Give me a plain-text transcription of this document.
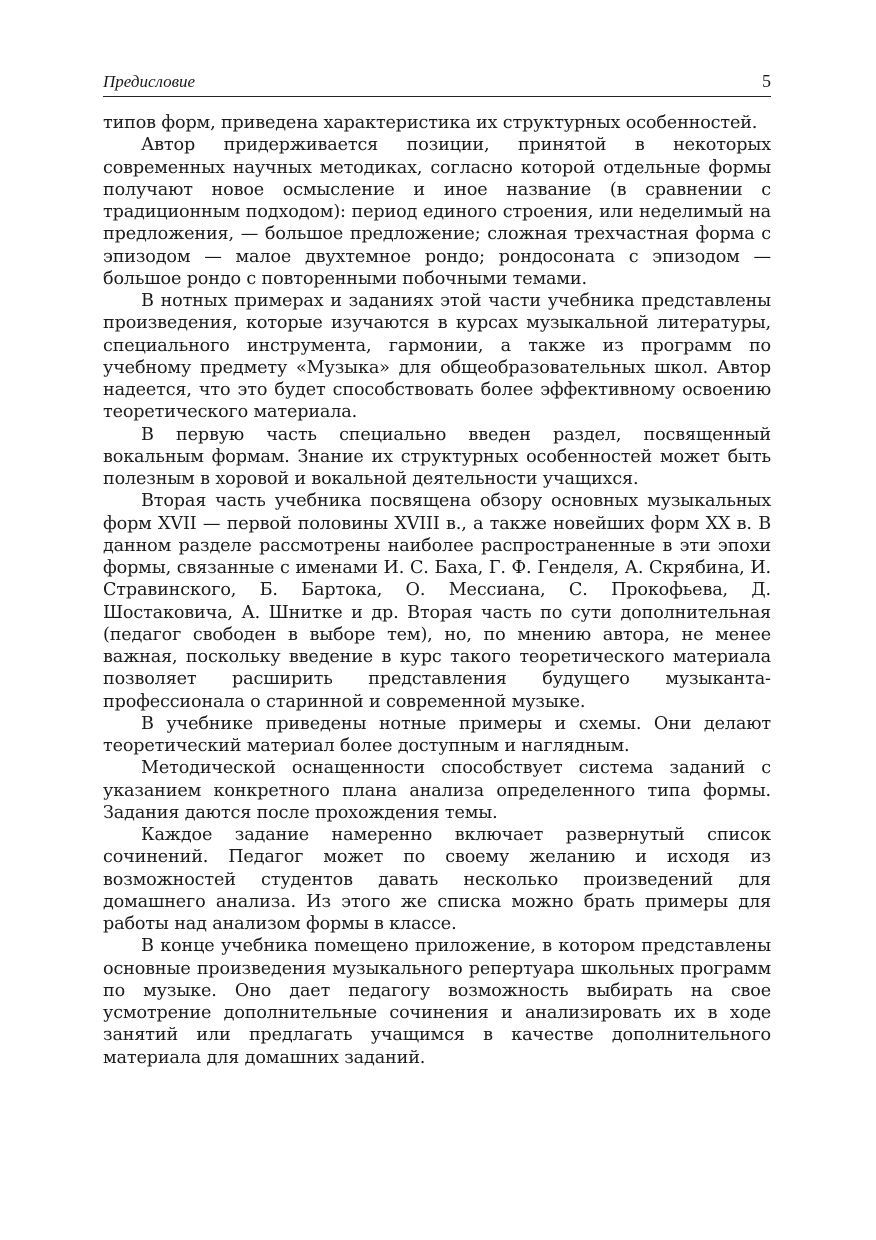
Предисловие	5

типов форм, приведена характеристика их структурных особенностей.

Автор придерживается позиции, принятой в некоторых современных научных методиках, согласно которой отдельные формы получают новое осмысление и иное название (в сравнении с традиционным подходом): период единого строения, или неделимый на предложения, — большое предложение; сложная трехчастная форма с эпизодом — малое двухтемное рондо; рондосоната с эпизодом — большое рондо с повторенными побочными темами.

В нотных примерах и заданиях этой части учебника представлены произведения, которые изучаются в курсах музыкальной литературы, специального инструмента, гармонии, а также из программ по учебному предмету «Музыка» для общеобразовательных школ. Автор надеется, что это будет способствовать более эффективному освоению теоретического материала.

В первую часть специально введен раздел, посвященный вокальным формам. Знание их структурных особенностей может быть полезным в хоровой и вокальной деятельности учащихся.

Вторая часть учебника посвящена обзору основных музыкальных форм XVII — первой половины XVIII в., а также новейших форм XX в. В данном разделе рассмотрены наиболее распространенные в эти эпохи формы, связанные с именами И. С. Баха, Г. Ф. Генделя, А. Скрябина, И. Стравинского, Б. Бартока, О. Мессиана, С. Прокофьева, Д. Шостаковича, А. Шнитке и др. Вторая часть по сути дополнительная (педагог свободен в выборе тем), но, по мнению автора, не менее важная, поскольку введение в курс такого теоретического материала позволяет расширить представления будущего музыкантапрофессионала о старинной и современной музыке.

В учебнике приведены нотные примеры и схемы. Они делают теоретический материал более доступным и наглядным.

Методической оснащенности способствует система заданий с указанием конкретного плана анализа определенного типа формы. Задания даются после прохождения темы.

Каждое задание намеренно включает развернутый список сочинений. Педагог может по своему желанию и исходя из возможностей студентов давать несколько произведений для домашнего анализа. Из этого же списка можно брать примеры для работы над анализом формы в классе.

В конце учебника помещено приложение, в котором представлены основные произведения музыкального репертуара школьных программ по музыке. Оно дает педагогу возможность выбирать на свое усмотрение дополнительные сочинения и анализировать их в ходе занятий или предлагать учащимся в качестве дополнительного материала для домашних заданий.
